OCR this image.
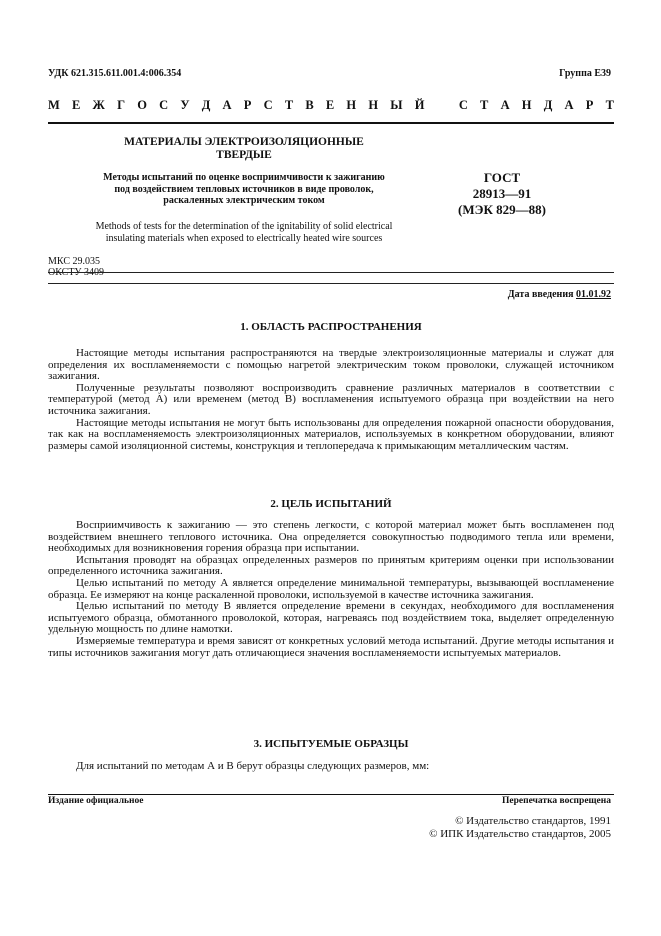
УДК 621.315.611.001.4:006.354	Группа Е39
М Е Ж Г О С У Д А Р С Т В Е Н Н Ы Й	С Т А Н Д А Р Т
МАТЕРИАЛЫ ЭЛЕКТРОИЗОЛЯЦИОННЫЕ
ТВЕРДЫЕ
Методы испытаний по оценке восприимчивости к зажиганию
под воздействием тепловых источников в виде проволок,
раскаленных электрическим током
Methods of tests for the determination of the ignitability of solid electrical
insulating materials when exposed to electrically heated wire sources
ГОСТ
28913—91
(МЭК 829—88)
МКС 29.035
ОКСТУ 3409
Дата введения 01.01.92
1. ОБЛАСТЬ РАСПРОСТРАНЕНИЯ

Настоящие методы испытания распространяются на твердые электроизоляционные материалы и служат для определения их воспламеняемости с помощью нагретой электрическим током проволоки, служащей источником зажигания.

Полученные результаты позволяют воспроизводить сравнение различных материалов в соответствии с температурой (метод А) или временем (метод В) воспламенения испытуемого образца при воздействии на него источника зажигания.

Настоящие методы испытания не могут быть использованы для определения пожарной опасности оборудования, так как на воспламеняемость электроизоляционных материалов, используемых в конкретном оборудовании, влияют размеры самой изоляционной системы, конструкция и теплопередача к примыкающим металлическим частям.

2. ЦЕЛЬ ИСПЫТАНИЙ

Восприимчивость к зажиганию — это степень легкости, с которой материал может быть воспламенен под воздействием внешнего теплового источника. Она определяется совокупностью подводимого тепла или времени, необходимых для возникновения горения образца при испытании.

Испытания проводят на образцах определенных размеров по принятым критериям оценки при использовании определенного источника зажигания.

Целью испытаний по методу А является определение минимальной температуры, вызывающей воспламенение образца. Ее измеряют на конце раскаленной проволоки, используемой в качестве источника зажигания.

Целью испытаний по методу В является определение времени в секундах, необходимого для воспламенения испытуемого образца, обмотанного проволокой, которая, нагреваясь под воздействием тока, выделяет определенную удельную мощность по длине намотки.

Измеряемые температура и время зависят от конкретных условий метода испытаний. Другие методы испытания и типы источников зажигания могут дать отличающиеся значения воспламеняемости испытуемых материалов.

3. ИСПЫТУЕМЫЕ ОБРАЗЦЫ

Для испытаний по методам А и В берут образцы следующих размеров, мм:

Издание официальное	Перепечатка воспрещена
© Издательство стандартов, 1991
© ИПК Издательство стандартов, 2005
